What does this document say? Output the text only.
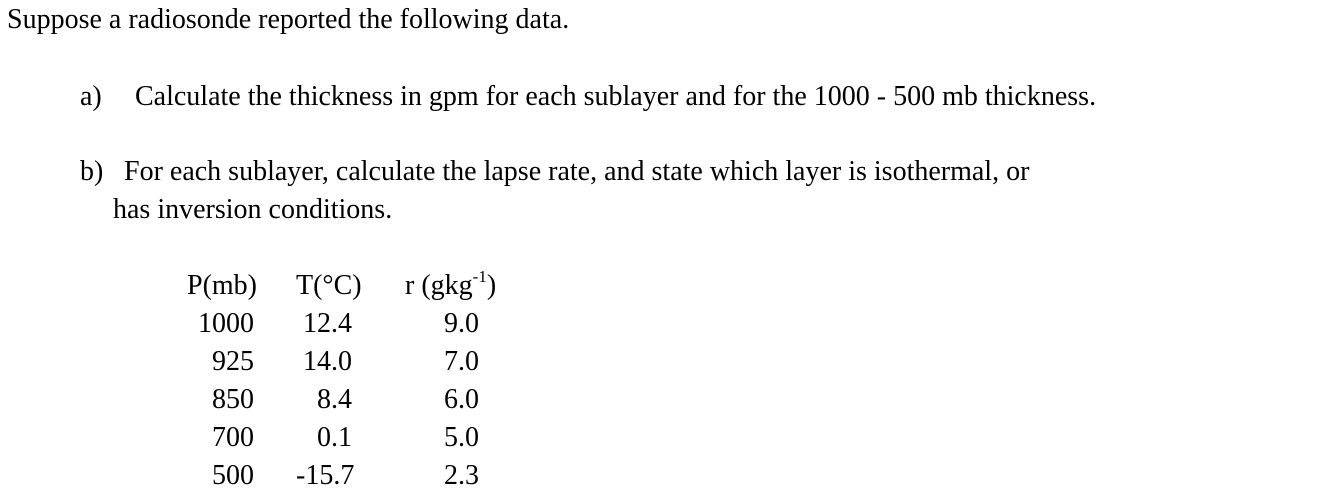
Suppose a radiosonde reported the following data.
a) Calculate the thickness in gpm for each sublayer and for the 1000 - 500 mb thickness.
b) For each sublayer, calculate the lapse rate, and state which layer is isothermal, or
has inversion conditions.
P(mb) T(°C) r (gkg$^{-1}$)
1000 12.4	9.0
925 14.0	7.0
850	8.4	6.0
700	0.1	5.0
500 -15.7	2.3
